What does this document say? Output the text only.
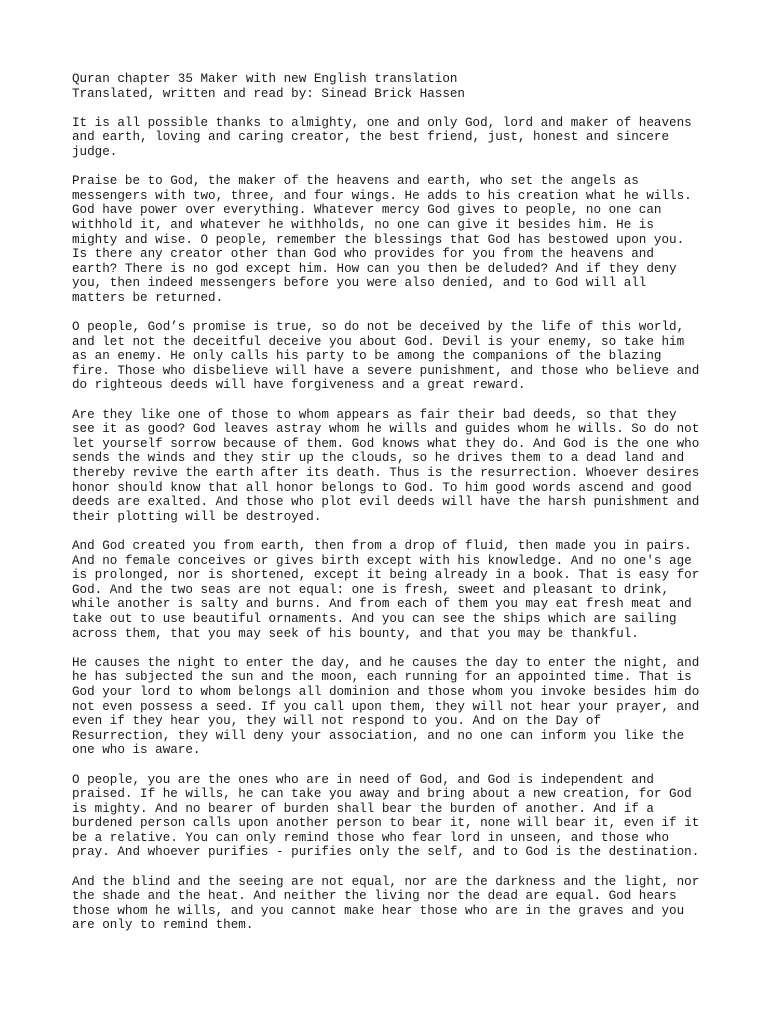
Quran chapter 35 Maker with new English translation

Translated, written and read by: Sinead Brick Hassen

It is all possible thanks to almighty, one and only God, lord and maker of heavens
and earth, loving and caring creator, the best friend, just, honest and sincere
judge.

Praise be to God, the maker of the heavens and earth, who set the angels as
messengers with two, three, and four wings. He adds to his creation what he wills.
God have power over everything. Whatever mercy God gives to people, no one can
withhold it, and whatever he withholds, no one can give it besides him. He is
mighty and wise. O people, remember the blessings that God has bestowed upon you.
Is there any creator other than God who provides for you from the heavens and
earth? There is no god except him. How can you then be deluded? And if they deny
you, then indeed messengers before you were also denied, and to God will all
matters be returned.

O people, God’s promise is true, so do not be deceived by the life of this world,
and let not the deceitful deceive you about God. Devil is your enemy, so take him
as an enemy. He only calls his party to be among the companions of the blazing
fire. Those who disbelieve will have a severe punishment, and those who believe and
do righteous deeds will have forgiveness and a great reward.

Are they like one of those to whom appears as fair their bad deeds, so that they
see it as good? God leaves astray whom he wills and guides whom he wills. So do not
let yourself sorrow because of them. God knows what they do. And God is the one who
sends the winds and they stir up the clouds, so he drives them to a dead land and
thereby revive the earth after its death. Thus is the resurrection. Whoever desires
honor should know that all honor belongs to God. To him good words ascend and good
deeds are exalted. And those who plot evil deeds will have the harsh punishment and
their plotting will be destroyed.

And God created you from earth, then from a drop of fluid, then made you in pairs.
And no female conceives or gives birth except with his knowledge. And no one's age
is prolonged, nor is shortened, except it being already in a book. That is easy for
God. And the two seas are not equal: one is fresh, sweet and pleasant to drink,
while another is salty and burns. And from each of them you may eat fresh meat and
take out to use beautiful ornaments. And you can see the ships which are sailing
across them, that you may seek of his bounty, and that you may be thankful.

He causes the night to enter the day, and he causes the day to enter the night, and
he has subjected the sun and the moon, each running for an appointed time. That is
God your lord to whom belongs all dominion and those whom you invoke besides him do
not even possess a seed. If you call upon them, they will not hear your prayer, and
even if they hear you, they will not respond to you. And on the Day of
Resurrection, they will deny your association, and no one can inform you like the
one who is aware.

O people, you are the ones who are in need of God, and God is independent and
praised. If he wills, he can take you away and bring about a new creation, for God
is mighty. And no bearer of burden shall bear the burden of another. And if a
burdened person calls upon another person to bear it, none will bear it, even if it
be a relative. You can only remind those who fear lord in unseen, and those who
pray. And whoever purifies - purifies only the self, and to God is the destination.

And the blind and the seeing are not equal, nor are the darkness and the light, nor
the shade and the heat. And neither the living nor the dead are equal. God hears
those whom he wills, and you cannot make hear those who are in the graves and you
are only to remind them.
